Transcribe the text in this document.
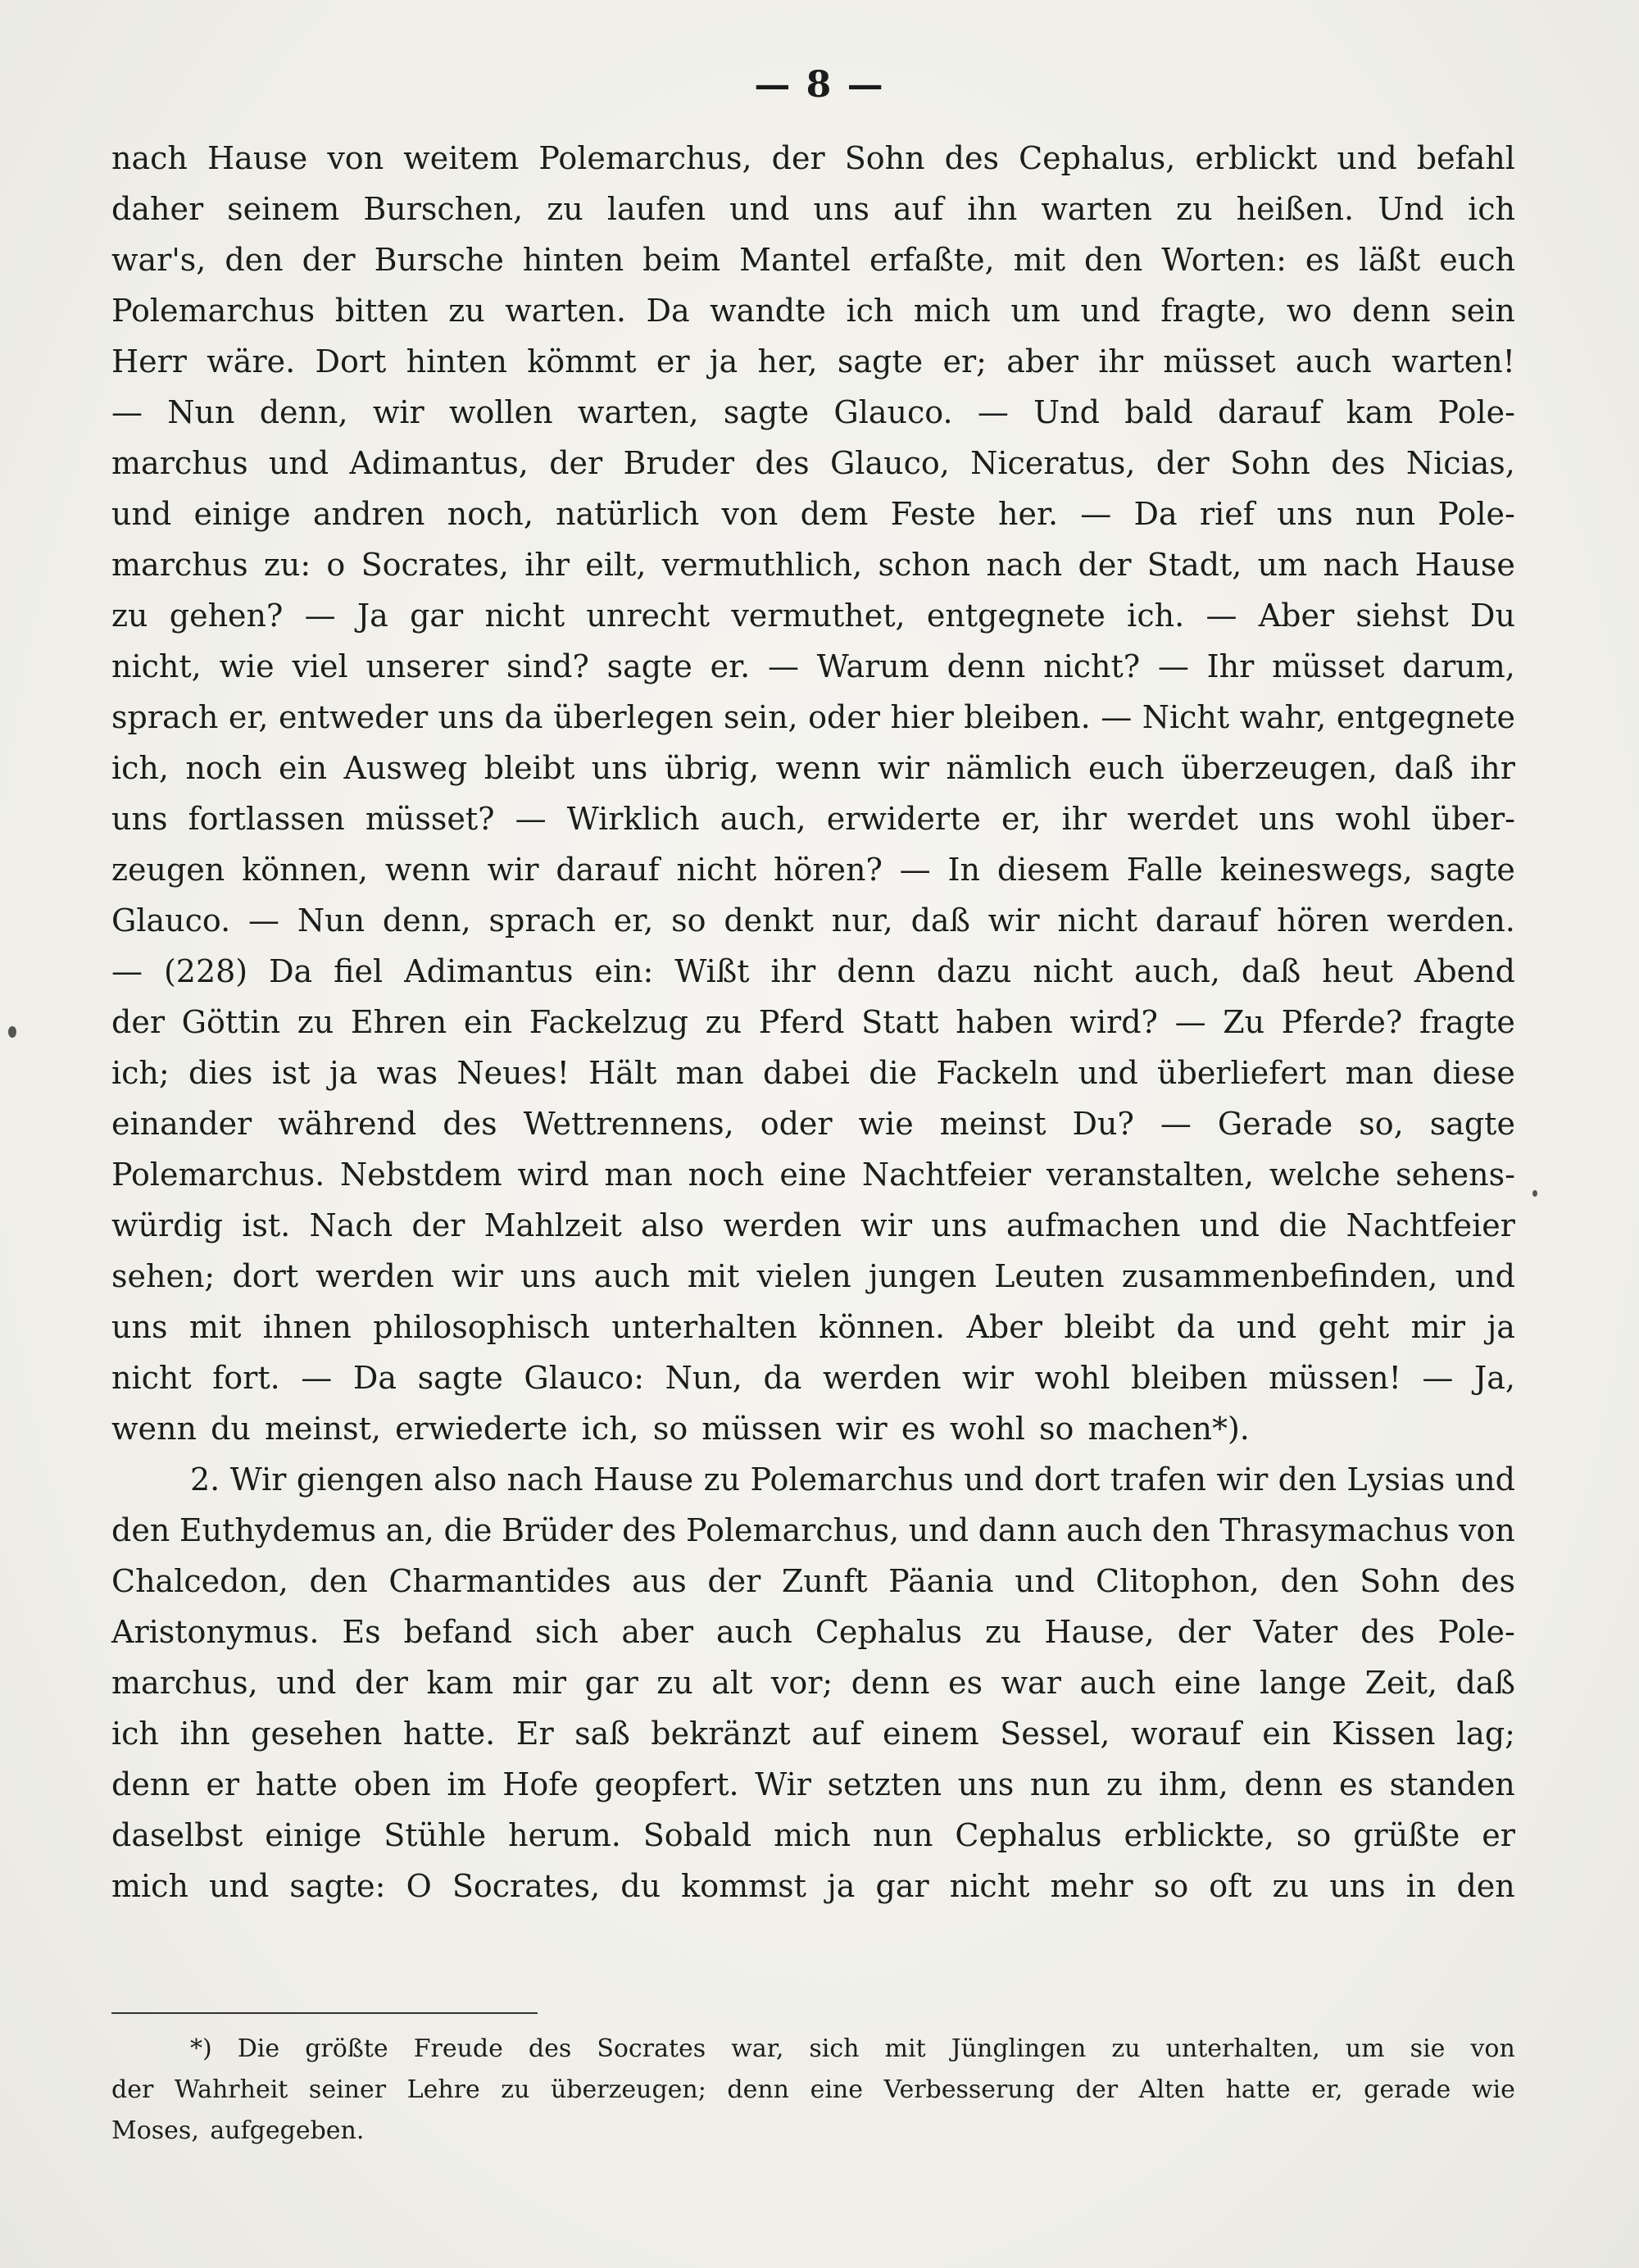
— 8 —
nach Hause von weitem Polemarchus, der Sohn des Cephalus, erblickt und befahl
daher seinem Burschen, zu laufen und uns auf ihn warten zu heißen. Und ich
war's, den der Bursche hinten beim Mantel erfaßte, mit den Worten: es läßt euch
Polemarchus bitten zu warten. Da wandte ich mich um und fragte, wo denn sein
Herr wäre. Dort hinten kömmt er ja her, sagte er; aber ihr müsset auch warten!
— Nun denn, wir wollen warten, sagte Glauco. — Und bald darauf kam Pole-
marchus und Adimantus, der Bruder des Glauco, Niceratus, der Sohn des Nicias,
und einige andren noch, natürlich von dem Feste her. — Da rief uns nun Pole-
marchus zu: o Socrates, ihr eilt, vermuthlich, schon nach der Stadt, um nach Hause
zu gehen? — Ja gar nicht unrecht vermuthet, entgegnete ich. — Aber siehst Du
nicht, wie viel unserer sind? sagte er. — Warum denn nicht? — Ihr müsset darum,
sprach er, entweder uns da überlegen sein, oder hier bleiben. — Nicht wahr, entgegnete
ich, noch ein Ausweg bleibt uns übrig, wenn wir nämlich euch überzeugen, daß ihr
uns fortlassen müsset? — Wirklich auch, erwiderte er, ihr werdet uns wohl über-
zeugen können, wenn wir darauf nicht hören? — In diesem Falle keineswegs, sagte
Glauco. — Nun denn, sprach er, so denkt nur, daß wir nicht darauf hören werden.
— (228) Da fiel Adimantus ein: Wißt ihr denn dazu nicht auch, daß heut Abend
der Göttin zu Ehren ein Fackelzug zu Pferd Statt haben wird? — Zu Pferde? fragte
ich; dies ist ja was Neues! Hält man dabei die Fackeln und überliefert man diese
einander während des Wettrennens, oder wie meinst Du? — Gerade so, sagte
Polemarchus. Nebstdem wird man noch eine Nachtfeier veranstalten, welche sehens-
würdig ist. Nach der Mahlzeit also werden wir uns aufmachen und die Nachtfeier
sehen; dort werden wir uns auch mit vielen jungen Leuten zusammenbefinden, und
uns mit ihnen philosophisch unterhalten können. Aber bleibt da und geht mir ja
nicht fort. — Da sagte Glauco: Nun, da werden wir wohl bleiben müssen! — Ja,
wenn du meinst, erwiederte ich, so müssen wir es wohl so machen*).
2. Wir giengen also nach Hause zu Polemarchus und dort trafen wir den Lysias und
den Euthydemus an, die Brüder des Polemarchus, und dann auch den Thrasymachus von
Chalcedon, den Charmantides aus der Zunft Päania und Clitophon, den Sohn des
Aristonymus. Es befand sich aber auch Cephalus zu Hause, der Vater des Pole-
marchus, und der kam mir gar zu alt vor; denn es war auch eine lange Zeit, daß
ich ihn gesehen hatte. Er saß bekränzt auf einem Sessel, worauf ein Kissen lag;
denn er hatte oben im Hofe geopfert. Wir setzten uns nun zu ihm, denn es standen
daselbst einige Stühle herum. Sobald mich nun Cephalus erblickte, so grüßte er
mich und sagte: O Socrates, du kommst ja gar nicht mehr so oft zu uns in den
*) Die größte Freude des Socrates war, sich mit Jünglingen zu unterhalten, um sie von
der Wahrheit seiner Lehre zu überzeugen; denn eine Verbesserung der Alten hatte er, gerade wie
Moses, aufgegeben.
